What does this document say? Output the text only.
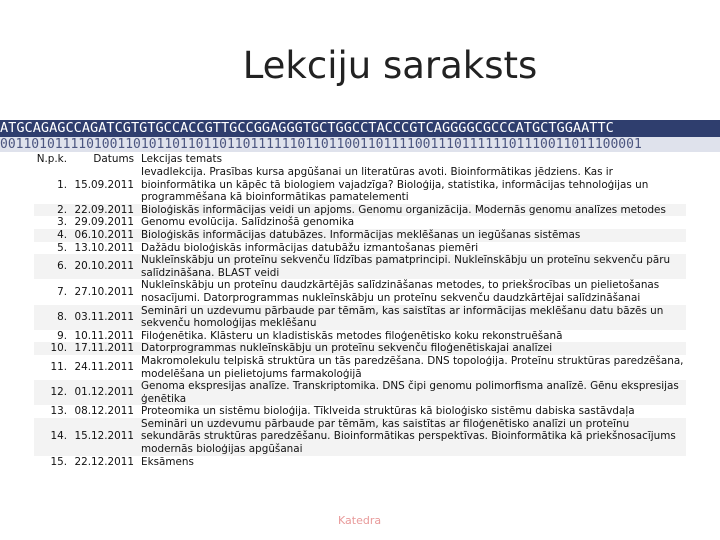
Lekciju saraksts
ATGCAGAGCCAGATCGTGTGCCACCGTTGCCGGAGGGTGCTGGCCTACCCGTCAGGGGCGCCCATGCTGGAATTC
0011010111101001101011011011011011111101101100110111100111011111101110011011100001
N.p.k.	Datums	Lekcijas temats
1.	15.09.2011	Ievadlekcija. Prasības kursa apgūšanai un literatūras avoti. Bioinformātikas jēdziens. Kas ir bioinformātika un kāpēc tā biologiem vajadzīga? Bioloģija, statistika, informācijas tehnoloģijas un programmēšana kā bioinformātikas pamatelementi
2.	22.09.2011	Bioloģiskās informācijas veidi un apjoms. Genomu organizācija. Modernās genomu analīzes metodes
3.	29.09.2011	Genomu evolūcija. Salīdzinošā genomika
4.	06.10.2011	Bioloģiskās informācijas datubāzes. Informācijas meklēšanas un iegūšanas sistēmas
5.	13.10.2011	Dažādu bioloģiskās informācijas datubāžu izmantošanas piemēri
6.	20.10.2011	Nukleīnskābju un proteīnu sekvenču līdzības pamatprincipi. Nukleīnskābju un proteīnu sekvenču pāru salīdzināšana. BLAST veidi
7.	27.10.2011	Nukleīnskābju un proteīnu daudzkārtējās salīdzināšanas metodes, to priekšrocības un pielietošanas nosacījumi. Datorprogrammas nukleīnskābju un proteīnu sekvenču daudzkārtējai salīdzināšanai
8.	03.11.2011	Semināri un uzdevumu pārbaude par tēmām, kas saistītas ar informācijas meklēšanu datu bāzēs un sekvenču homoloģijas meklēšanu
9.	10.11.2011	Filoģenētika. Klāsteru un kladistiskās metodes filoģenētisko koku rekonstruēšanā
10.	17.11.2011	Datorprogrammas nukleīnskābju un proteīnu sekvenču filoģenētiskajai analīzei
11.	24.11.2011	Makromolekulu telpiskā struktūra un tās paredzēšana. DNS topoloģija. Proteīnu struktūras paredzēšana, modelēšana un pielietojums farmakoloģijā
12.	01.12.2011	Genoma ekspresijas analīze. Transkriptomika. DNS čipi genomu polimorfisma analīzē. Gēnu ekspresijas ģenētika
13.	08.12.2011	Proteomika un sistēmu bioloģija. Tīklveida struktūras kā bioloģisko sistēmu dabiska sastāvdaļa
14.	15.12.2011	Semināri un uzdevumu pārbaude par tēmām, kas saistītas ar filoģenētisko analīzi un proteīnu sekundārās struktūras paredzēšanu. Bioinformātikas perspektīvas. Bioinformātika kā priekšnosacījums modernās bioloģijas apgūšanai
15.	22.12.2011	Eksāmens
Katedra
